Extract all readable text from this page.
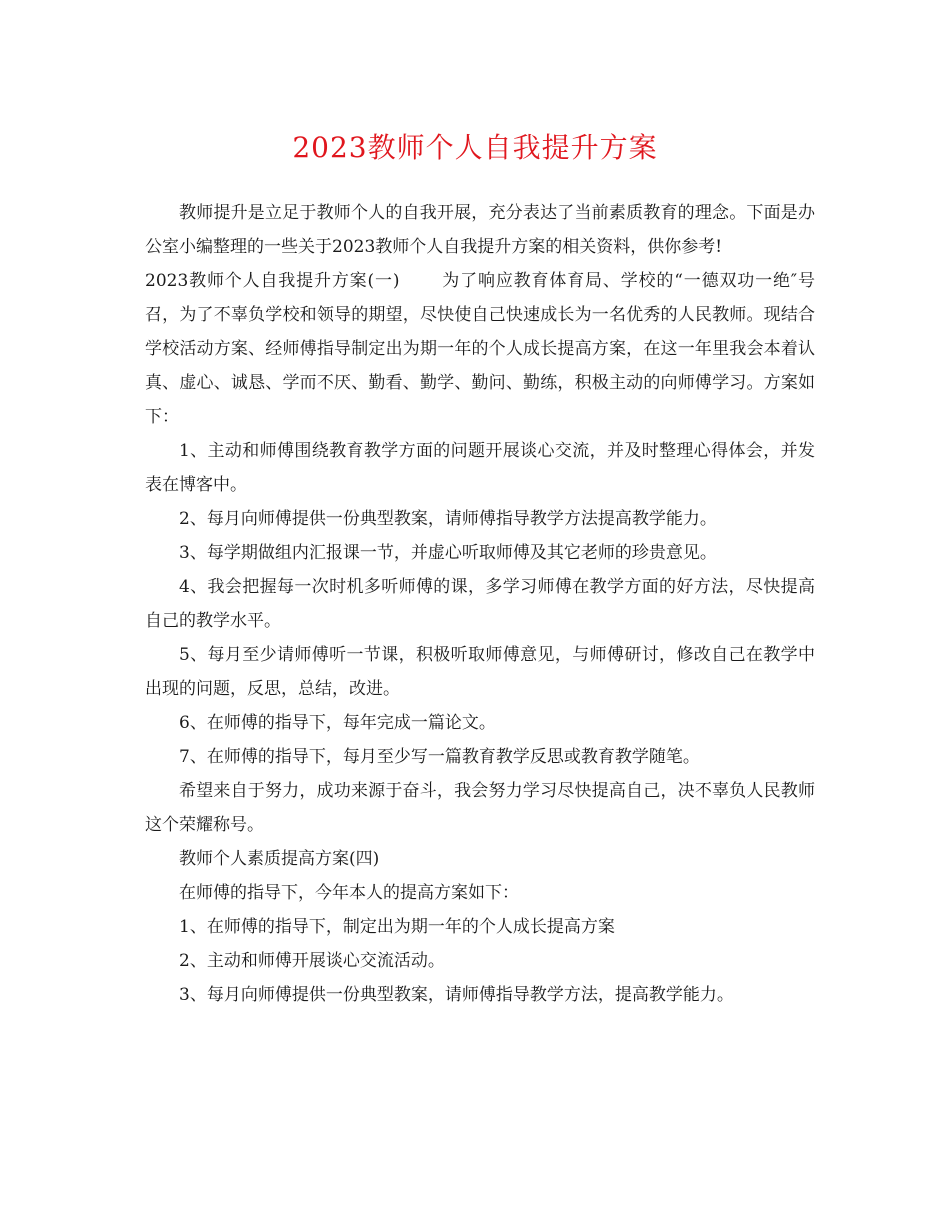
2023教师个人自我提升方案

教师提升是立足于教师个人的自我开展，充分表达了当前素质教育的理念。下面是办公室小编整理的一些关于2023教师个人自我提升方案的相关资料，供你参考!

2023教师个人自我提升方案(一) 为了响应教育体育局、学校的“一德双功一绝″号召，为了不辜负学校和领导的期望，尽快使自己快速成长为一名优秀的人民教师。现结合学校活动方案、经师傅指导制定出为期一年的个人成长提高方案，在这一年里我会本着认真、虚心、诚恳、学而不厌、勤看、勤学、勤问、勤练，积极主动的向师傅学习。方案如下：

1、主动和师傅围绕教育教学方面的问题开展谈心交流，并及时整理心得体会，并发表在博客中。

2、每月向师傅提供一份典型教案，请师傅指导教学方法提高教学能力。

3、每学期做组内汇报课一节，并虚心听取师傅及其它老师的珍贵意见。

4、我会把握每一次时机多听师傅的课，多学习师傅在教学方面的好方法，尽快提高自己的教学水平。

5、每月至少请师傅听一节课，积极听取师傅意见，与师傅研讨，修改自己在教学中出现的问题，反思，总结，改进。

6、在师傅的指导下，每年完成一篇论文。

7、在师傅的指导下，每月至少写一篇教育教学反思或教育教学随笔。

希望来自于努力，成功来源于奋斗，我会努力学习尽快提高自己，决不辜负人民教师这个荣耀称号。

教师个人素质提高方案(四)

在师傅的指导下，今年本人的提高方案如下：

1、在师傅的指导下，制定出为期一年的个人成长提高方案

2、主动和师傅开展谈心交流活动。

3、每月向师傅提供一份典型教案，请师傅指导教学方法，提高教学能力。
